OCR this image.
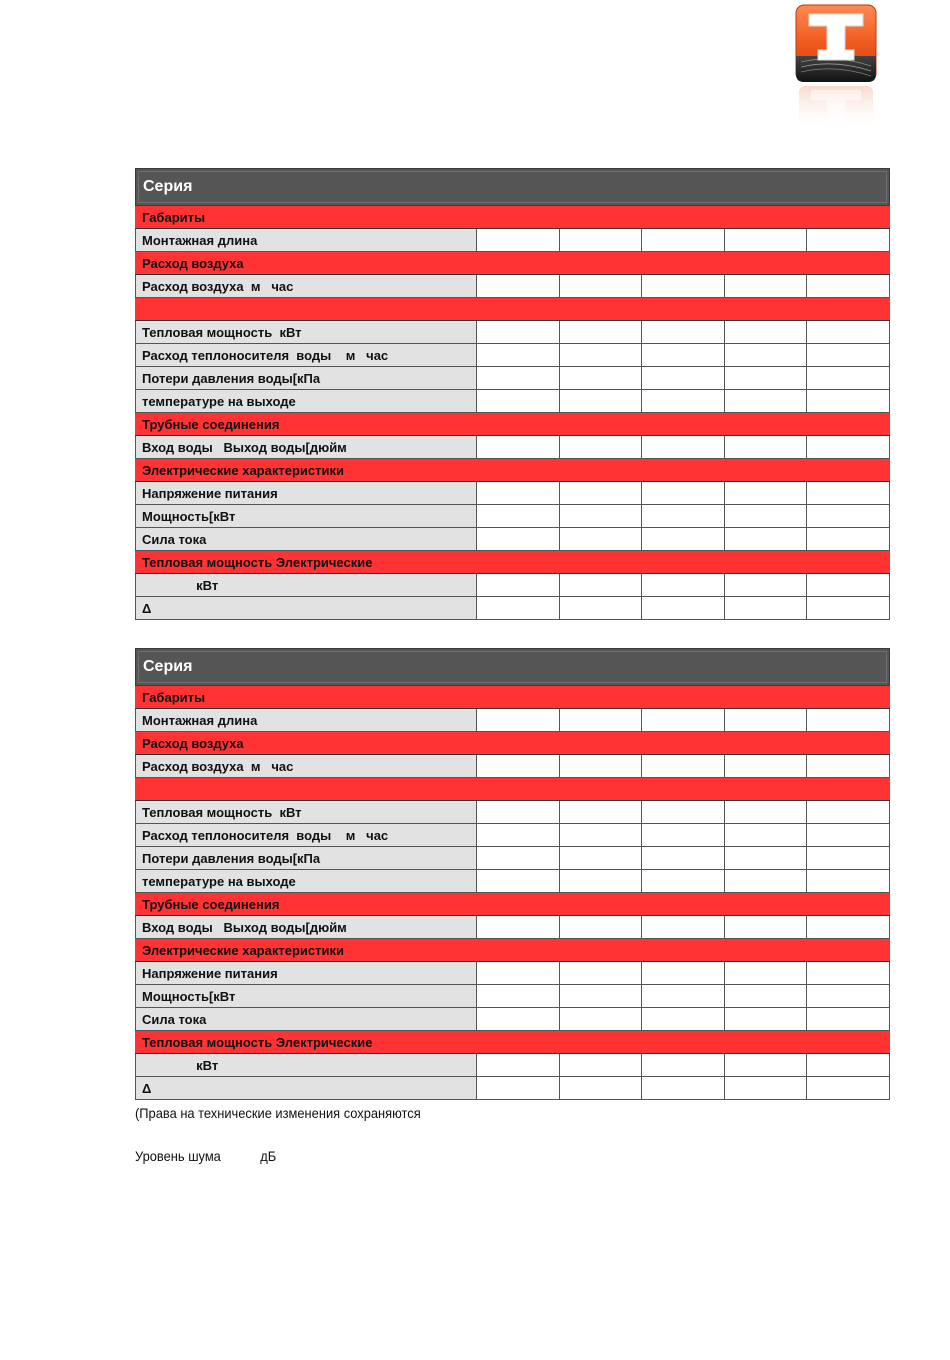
Серия					

Габариты					
Монтажная длина					
Расход воздуха					
Расход воздуха  м   час					

Тепловая мощность  кВт					
Расход теплоносителя  воды    м   час					
Потери давления воды[кПа					
температуре на выходе					
Трубные соединения					
Вход воды   Выход воды[дюйм					
Электрические характеристики					
Напряжение питания					
Мощность[кВт					
Сила тока					
Тепловая мощность Электрические					
кВт					
Δ					
Серия					

Габариты					
Монтажная длина					
Расход воздуха					
Расход воздуха  м   час					

Тепловая мощность  кВт					
Расход теплоносителя  воды    м   час					
Потери давления воды[кПа					
температуре на выходе					
Трубные соединения					
Вход воды   Выход воды[дюйм					
Электрические характеристики					
Напряжение питания					
Мощность[кВт					
Сила тока					
Тепловая мощность Электрические					
кВт					
Δ					
(Права на технические изменения сохраняются
Уровень шума           дБ
